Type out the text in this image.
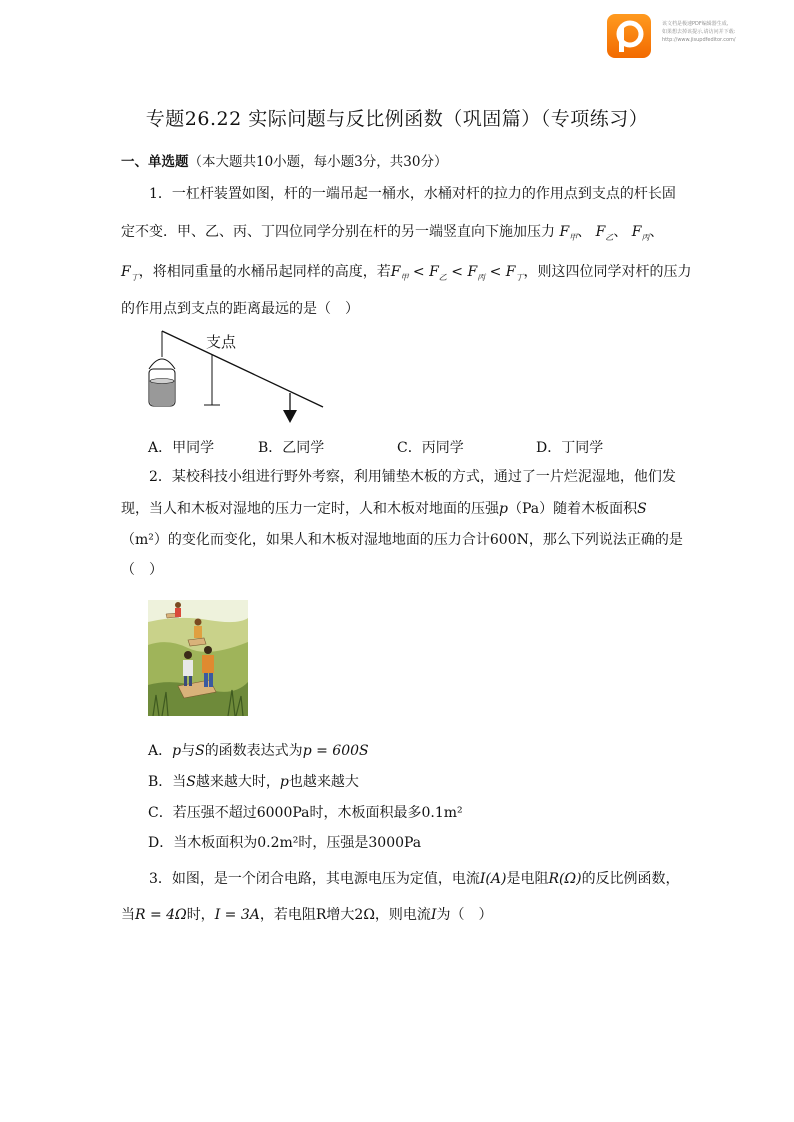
该文档是极速PDF编辑器生成,
如果想去掉该提示,请访问并下载:
http://www.jisupdfeditor.com/
专题26.22 实际问题与反比例函数（巩固篇）（专项练习）
一、单选题（本大题共10小题，每小题3分，共30分）
1．一杠杆装置如图，杆的一端吊起一桶水，水桶对杆的拉力的作用点到支点的杆长固
定不变．甲、乙、丙、丁四位同学分别在杆的另一端竖直向下施加压力 $F_甲$、 $F_乙$、 $F_丙$、
$F_丁$，将相同重量的水桶吊起同样的高度，若$F_甲 < F_乙 < F_丙 < F_丁$，则这四位同学对杆的压力
的作用点到支点的距离最远的是（　）
支点
A．甲同学	B．乙同学	C．丙同学	D．丁同学
2．某校科技小组进行野外考察，利用铺垫木板的方式，通过了一片烂泥湿地，他们发
现，当人和木板对湿地的压力一定时，人和木板对地面的压强p（Pa）随着木板面积S
（m²）的变化而变化，如果人和木板对湿地地面的压力合计600N，那么下列说法正确的是
（　）
A．p与S的函数表达式为p = 600S
B．当S越来越大时，p也越来越大
C．若压强不超过6000Pa时，木板面积最多0.1m²
D．当木板面积为0.2m²时，压强是3000Pa
3．如图，是一个闭合电路，其电源电压为定值，电流I(A)是电阻R(Ω)的反比例函数，
当R = 4Ω时，I = 3A，若电阻R增大2Ω，则电流I为（　）
